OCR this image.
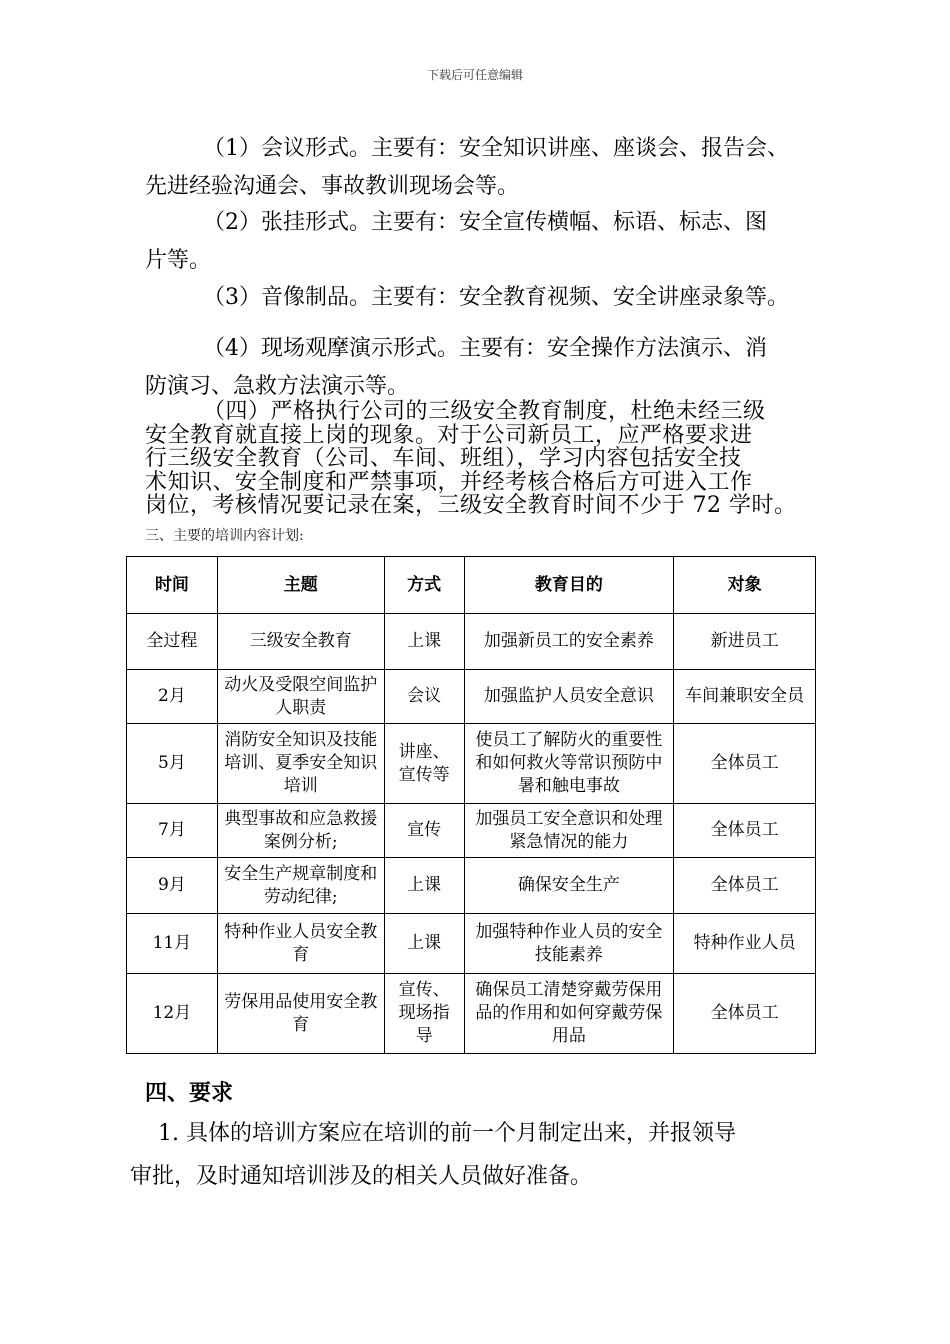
下载后可任意编辑
（1）会议形式。主要有：安全知识讲座、座谈会、报告会、
先进经验沟通会、事故教训现场会等。
（2）张挂形式。主要有：安全宣传横幅、标语、标志、图
片等。
（3）音像制品。主要有：安全教育视频、安全讲座录象等。
（4）现场观摩演示形式。主要有：安全操作方法演示、消
防演习、急救方法演示等。
（四）严格执行公司的三级安全教育制度，杜绝未经三级
安全教育就直接上岗的现象。对于公司新员工，应严格要求进
行三级安全教育（公司、车间、班组），学习内容包括安全技
术知识、安全制度和严禁事项，并经考核合格后方可进入工作
岗位，考核情况要记录在案，三级安全教育时间不少于 72 学时。
三、主要的培训内容计划:
时间	主题	方式	教育目的	对象
全过程	三级安全教育	上课	加强新员工的安全素养	新进员工
2月	动火及受限空间监护人职责	会议	加强监护人员安全意识	车间兼职安全员
5月	消防安全知识及技能培训、夏季安全知识培训	讲座、宣传等	使员工了解防火的重要性和如何救火等常识预防中暑和触电事故	全体员工
7月	典型事故和应急救援案例分析;	宣传	加强员工安全意识和处理紧急情况的能力	全体员工
9月	安全生产规章制度和劳动纪律;	上课	确保安全生产	全体员工
11月	特种作业人员安全教育	上课	加强特种作业人员的安全技能素养	特种作业人员
12月	劳保用品使用安全教育	宣传、现场指导	确保员工清楚穿戴劳保用品的作用和如何穿戴劳保用品	全体员工
四、要求
1. 具体的培训方案应在培训的前一个月制定出来，并报领导
审批，及时通知培训涉及的相关人员做好准备。
